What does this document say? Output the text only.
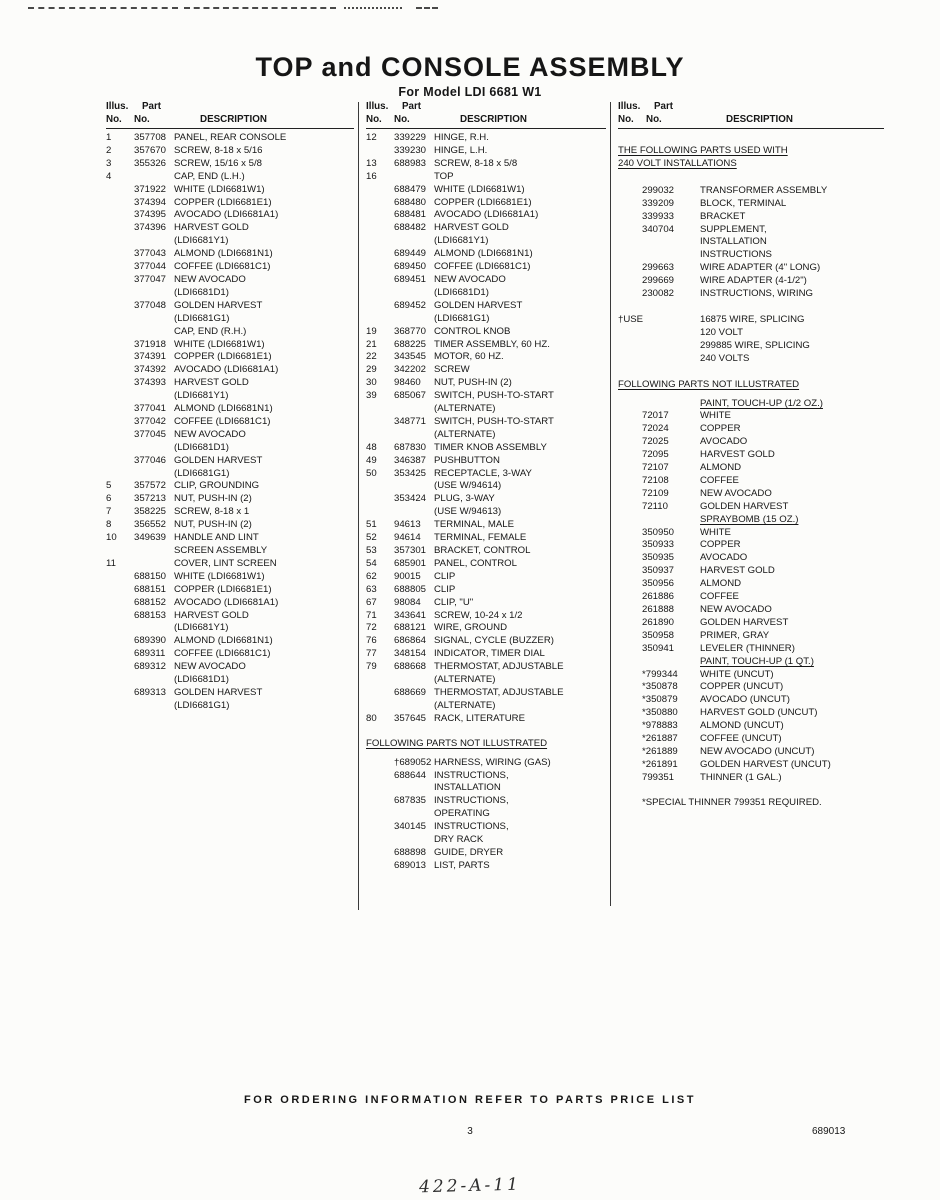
TOP and CONSOLE ASSEMBLY
For Model LDI 6681 W1
Illus.	Part
No.	No.	DESCRIPTION
1	357708 PANEL, REAR CONSOLE
2	357670 SCREW, 8-18 x 5/16
3	355326 SCREW, 15/16 x 5/8
4	CAP, END (L.H.)
371922 WHITE (LDI6681W1)
374394 COPPER (LDI6681E1)
374395 AVOCADO (LDI6681A1)
374396 HARVEST GOLD
(LDI6681Y1)
377043 ALMOND (LDI6681N1)
377044 COFFEE (LDI6681C1)
377047 NEW AVOCADO
(LDI6681D1)
377048 GOLDEN HARVEST
(LDI6681G1)
CAP, END (R.H.)
371918 WHITE (LDI6681W1)
374391 COPPER (LDI6681E1)
374392 AVOCADO (LDI6681A1)
374393 HARVEST GOLD
(LDI6681Y1)
377041 ALMOND (LDI6681N1)
377042 COFFEE (LDI6681C1)
377045 NEW AVOCADO
(LDI6681D1)
377046 GOLDEN HARVEST
(LDI6681G1)
5	357572 CLIP, GROUNDING
6	357213 NUT, PUSH-IN (2)
7	358225 SCREW, 8-18 x 1
8	356552 NUT, PUSH-IN (2)
10	349639 HANDLE AND LINT
SCREEN ASSEMBLY
11	COVER, LINT SCREEN
688150 WHITE (LDI6681W1)
688151 COPPER (LDI6681E1)
688152 AVOCADO (LDI6681A1)
688153 HARVEST GOLD
(LDI6681Y1)
689390 ALMOND (LDI6681N1)
689311 COFFEE (LDI6681C1)
689312 NEW AVOCADO
(LDI6681D1)
689313 GOLDEN HARVEST
(LDI6681G1)
Illus.	Part
No.	No.	DESCRIPTION
12	339229 HINGE, R.H.
339230 HINGE, L.H.
13	688983 SCREW, 8-18 x 5/8
16	TOP
688479 WHITE (LDI6681W1)
688480 COPPER (LDI6681E1)
688481 AVOCADO (LDI6681A1)
688482 HARVEST GOLD
(LDI6681Y1)
689449 ALMOND (LDI6681N1)
689450 COFFEE (LDI6681C1)
689451 NEW AVOCADO
(LDI6681D1)
689452 GOLDEN HARVEST
(LDI6681G1)
19	368770 CONTROL KNOB
21	688225 TIMER ASSEMBLY, 60 HZ.
22	343545 MOTOR, 60 HZ.
29	342202 SCREW
30	98460	NUT, PUSH-IN (2)
39	685067 SWITCH, PUSH-TO-START
(ALTERNATE)
348771 SWITCH, PUSH-TO-START
(ALTERNATE)
48	687830 TIMER KNOB ASSEMBLY
49	346387 PUSHBUTTON
50	353425 RECEPTACLE, 3-WAY
(USE W/94614)
353424 PLUG, 3-WAY
(USE W/94613)
51	94613	TERMINAL, MALE
52	94614	TERMINAL, FEMALE
53	357301 BRACKET, CONTROL
54	685901 PANEL, CONTROL
62	90015	CLIP
63	688805 CLIP
67	98084	CLIP, "U"
71	343641 SCREW, 10-24 x 1/2
72	688121 WIRE, GROUND
76	686864 SIGNAL, CYCLE (BUZZER)
77	348154 INDICATOR, TIMER DIAL
79	688668 THERMOSTAT, ADJUSTABLE
(ALTERNATE)
688669 THERMOSTAT, ADJUSTABLE
(ALTERNATE)
80	357645 RACK, LITERATURE
FOLLOWING PARTS NOT ILLUSTRATED
†689052 HARNESS, WIRING (GAS)
688644 INSTRUCTIONS,
INSTALLATION
687835 INSTRUCTIONS,
OPERATING
340145 INSTRUCTIONS,
DRY RACK
688898 GUIDE, DRYER
689013 LIST, PARTS
Illus.	Part
No.	No.	DESCRIPTION
THE FOLLOWING PARTS USED WITH
240 VOLT INSTALLATIONS
299032	TRANSFORMER ASSEMBLY
339209	BLOCK, TERMINAL
339933	BRACKET
340704	SUPPLEMENT,
INSTALLATION
INSTRUCTIONS
299663	WIRE ADAPTER (4" LONG)
299669	WIRE ADAPTER (4-1/2")
230082	INSTRUCTIONS, WIRING
†USE	16875 WIRE, SPLICING
120 VOLT
299885 WIRE, SPLICING
240 VOLTS
FOLLOWING PARTS NOT ILLUSTRATED
PAINT, TOUCH-UP (1/2 OZ.)
72017	WHITE
72024	COPPER
72025	AVOCADO
72095	HARVEST GOLD
72107	ALMOND
72108	COFFEE
72109	NEW AVOCADO
72110	GOLDEN HARVEST
SPRAYBOMB (15 OZ.)
350950	WHITE
350933	COPPER
350935	AVOCADO
350937	HARVEST GOLD
350956	ALMOND
261886	COFFEE
261888	NEW AVOCADO
261890	GOLDEN HARVEST
350958	PRIMER, GRAY
350941	LEVELER (THINNER)
PAINT, TOUCH-UP (1 QT.)
*799344	WHITE (UNCUT)
*350878	COPPER (UNCUT)
*350879	AVOCADO (UNCUT)
*350880	HARVEST GOLD (UNCUT)
*978883	ALMOND (UNCUT)
*261887	COFFEE (UNCUT)
*261889	NEW AVOCADO (UNCUT)
*261891	GOLDEN HARVEST (UNCUT)
799351	THINNER (1 GAL.)
*SPECIAL THINNER 799351 REQUIRED.
FOR ORDERING INFORMATION REFER TO PARTS PRICE LIST
3	689013
422-A-11
